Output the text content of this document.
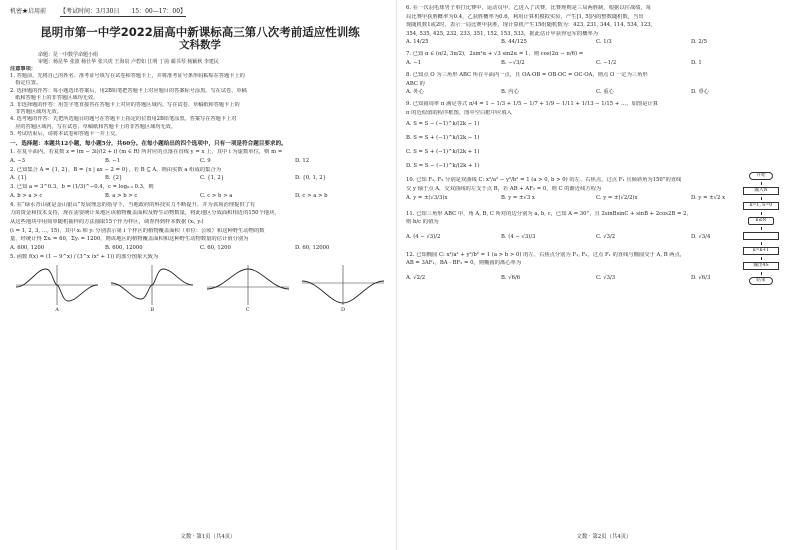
机密★启用前 【考试时间：3月30日　　15：00—17：00】
昆明市第一中学2022届高中新课标高三第八次考前适应性训练
文科数学
命题：昆一中数学命题小组
审题：杨昆华 张波 杨仕华 张兴虎 王海泉 卢碧如 江明 丁茵 蔺书琴 杨颖秋 李建民
注意事项：
1. 答题前，先将自己的姓名、准考证号填写在试卷和答题卡上，并将准考证号条形码粘贴在答题卡上的
　指定位置。
2. 选择题的作答：每小题选出答案后，用2B铅笔把答题卡上对应题目的答案标号涂黑。写在试卷、草稿
　纸和答题卡上的非答题区域均无效。
3. 非选择题的作答：用签字笔直接答在答题卡上对应的答题区域内。写在试卷、草稿纸和答题卡上的
　非答题区域均无效。
4. 选考题的作答：先把所选题目的题号在答题卡上指定的位置用2B铅笔涂黑。答案写在答题卡上对
　应的答题区域内，写在试卷、草稿纸和答题卡上的非答题区域均无效。
5. 考试结束后，请将本试卷和答题卡一并上交。
一、选择题：本题共12小题，每小题5分，共60分。在每小题给出的四个选项中，只有一项是符合题目要求的。
1. 在复平面内，若复数 z = (m − 3i)/(2 + i) (m ∈ R) 所对应的点落在直线 y = x 上，其中 i 为虚数单位，则 m =
A. −3	B. −1	C. 9	D. 12
2. 已知集合 A = {1, 2}，B = {x | ax − 2 = 0}，若 B ⊆ A，则由实数 a 组成的集合为
A. {1}	B. {2}	C. {1, 2}	D. {0, 1, 2}
3. 已知 a = 3^0.3，b = (1/3)^−0.4，c = log₀.₃ 0.3，则
A. b > a > c	B. a > b > c	C. c > b > a	D. c > a > b
4. 在“绿水青山就是金山银山”发展理念的指导下，当地政府的科技实力不断提升，并为该项治理提供了有
力的资金和技术支持，现在需要统计某地区该植物覆盖面积及野生动物数量，将此地区分成面积相近的150个地块，
从这些地块中用简单随机抽样的方法抽取15个作为样区，调查得到样本数据 (xᵢ, yᵢ)
(i = 1, 2, 3, …, 15)，其中 xᵢ 和 yᵢ 分别表示第 i 个样区的植物覆盖面积（单位：公顷）和这种野生动物的数
量，经统计得 Σxᵢ = 60，Σyᵢ = 1200，则该地区的植物覆盖面积和这种野生动物数量的估计值分别为
A. 600, 1200	B. 600, 12000	C. 60, 1200	D. 60, 12000
5. 函数 f(x) = (1 − 9^x) / (3^x (x² + 1)) 的部分图象大致为
A	B	C	D
文数 · 第1页（共4页）
6. 在一次羽毛球男子单打比赛中，运动员甲、乙进入了决赛，比赛规则是三局两胜制，根据以往战绩，每
局比赛甲获胜概率为0.4，乙获胜概率为0.6，利用计算机模拟实验，产生[1, 5]内的整数随机数，当出
现随机数1或2时，表示一局比赛甲获胜，现计算机产生15组随机数为：423, 231, 344, 114, 534, 123,
354, 535, 425, 232, 233, 351, 152, 153, 533，据此估计甲获得冠军的概率为
A. 14/25	B. 44/125	C. 1/3	D. 2/5
7. 已知 α ∈ (π/2, 3π/2)，2sin²α + √3 sin2α = 1，则 cos(2α − π/6) =
A. −1	B. −√3/2	C. −1/2	D. 1
8. 已知点 O 为三角形 ABC 所在平面内一点，且 OA·OB = OB·OC = OC·OA，则点 O 一定为三角形
ABC 的
A. 外心	B. 内心	C. 重心	D. 垂心
9. 已知圆周率 π 满足等式 π/4 = 1 − 1/3 + 1/5 − 1/7 + 1/9 − 1/11 + 1/13 − 1/15 + …，如图是计算
π 的近似值的程序框图，图中空白框中应填入
A. S = S − (−1)^k/(2k − 1)
B. S = S + (−1)^k/(2k − 1)
C. S = S + (−1)^k/(2k + 1)
D. S = S − (−1)^k/(2k + 1)
开始
输入N
k=1, S=0
k≤N
k=k+1
输出4S
结束
10. 已知 F₁, F₂ 分别是双曲线 C: x²/a² − y²/b² = 1 (a > 0, b > 0) 的左、右焦点，过点 F₁ 且倾斜角为150°的直线
交 y 轴于点 A，交双曲线的左支于点 B，若 AB + AF₂ = 0，则 C 的渐近线方程为
A. y = ±(√3/3)x	B. y = ±√3 x	C. y = ±(√2/2)x	D. y = ±√2 x
11. 已知三角形 ABC 中，角 A, B, C 所对的边分别为 a, b, c，已知 A = 30°，且 2sinBsinC + sinB + 2cos2B = 2，
则 b/c 的值为
A. (4 − √3)/2	B. (4 − √3)/3	C. √3/2	D. √3/4
12. 已知椭圆 C: x²/a² + y²/b² = 1 (a > b > 0) 的左、右焦点分别为 F₁, F₂，过点 F₁ 的直线与椭圆交于 A, B 两点，
AB = 3AF₁，BA · BF₂ = 0，则椭圆的离心率为
A. √2/2	B. √6/6	C. √3/3	D. √6/3
文数 · 第2页（共4页）
